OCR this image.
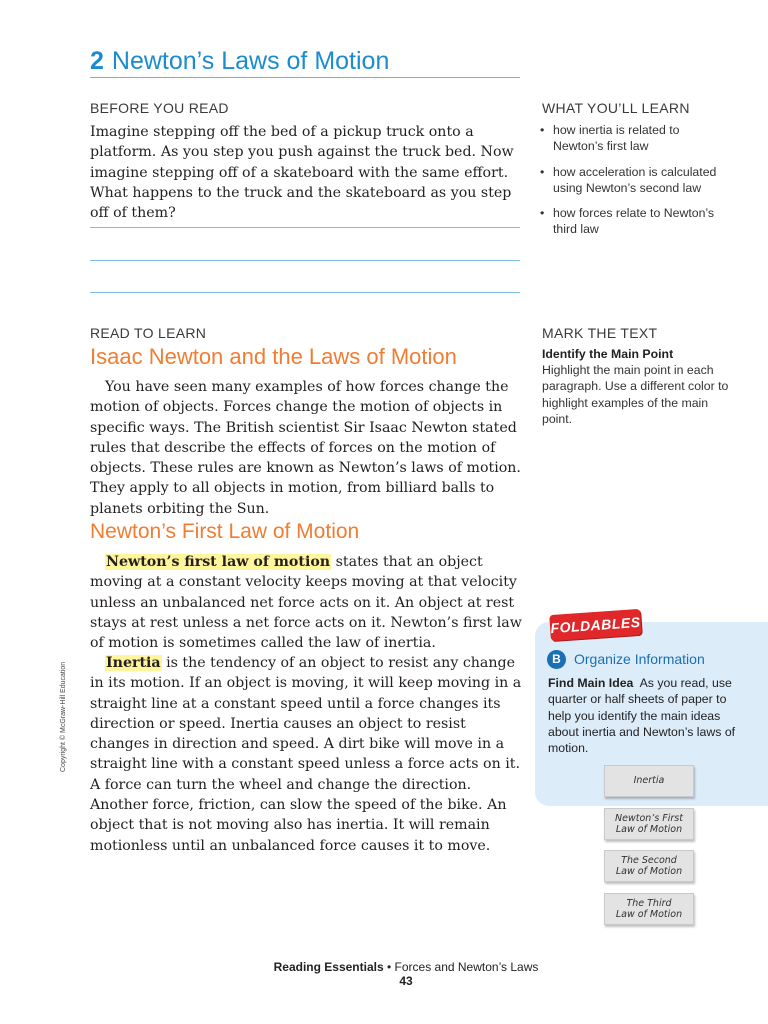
2 Newton’s Laws of Motion
BEFORE YOU READ
Imagine stepping off the bed of a pickup truck onto a platform. As you step you push against the truck bed. Now imagine stepping off of a skateboard with the same effort. What happens to the truck and the skateboard as you step off of them?
WHAT YOU’LL LEARN
• how inertia is related to Newton’s first law
• how acceleration is calculated using Newton’s second law
• how forces relate to Newton’s third law
READ TO LEARN
Isaac Newton and the Laws of Motion
You have seen many examples of how forces change the motion of objects. Forces change the motion of objects in specific ways. The British scientist Sir Isaac Newton stated rules that describe the effects of forces on the motion of objects. These rules are known as Newton’s laws of motion. They apply to all objects in motion, from billiard balls to planets orbiting the Sun.
MARK THE TEXT
Identify the Main Point
Highlight the main point in each paragraph. Use a different color to highlight examples of the main point.
Newton’s First Law of Motion
Newton’s first law of motion states that an object moving at a constant velocity keeps moving at that velocity unless an unbalanced net force acts on it. An object at rest stays at rest unless a net force acts on it. Newton’s first law of motion is sometimes called the law of inertia.
Inertia is the tendency of an object to resist any change in its motion. If an object is moving, it will keep moving in a straight line at a constant speed until a force changes its direction or speed. Inertia causes an object to resist changes in direction and speed. A dirt bike will move in a straight line with a constant speed unless a force acts on it. A force can turn the wheel and change the direction. Another force, friction, can slow the speed of the bike. An object that is not moving also has inertia. It will remain motionless until an unbalanced force causes it to move.
FOLDABLES
B Organize Information
Find Main Idea As you read, use quarter or half sheets of paper to help you identify the main ideas about inertia and Newton’s laws of motion.
Inertia
Newton’s First
Law of Motion
The Second
Law of Motion
The Third
Law of Motion
Copyright © McGraw-Hill Education
Reading Essentials • Forces and Newton’s Laws
43
